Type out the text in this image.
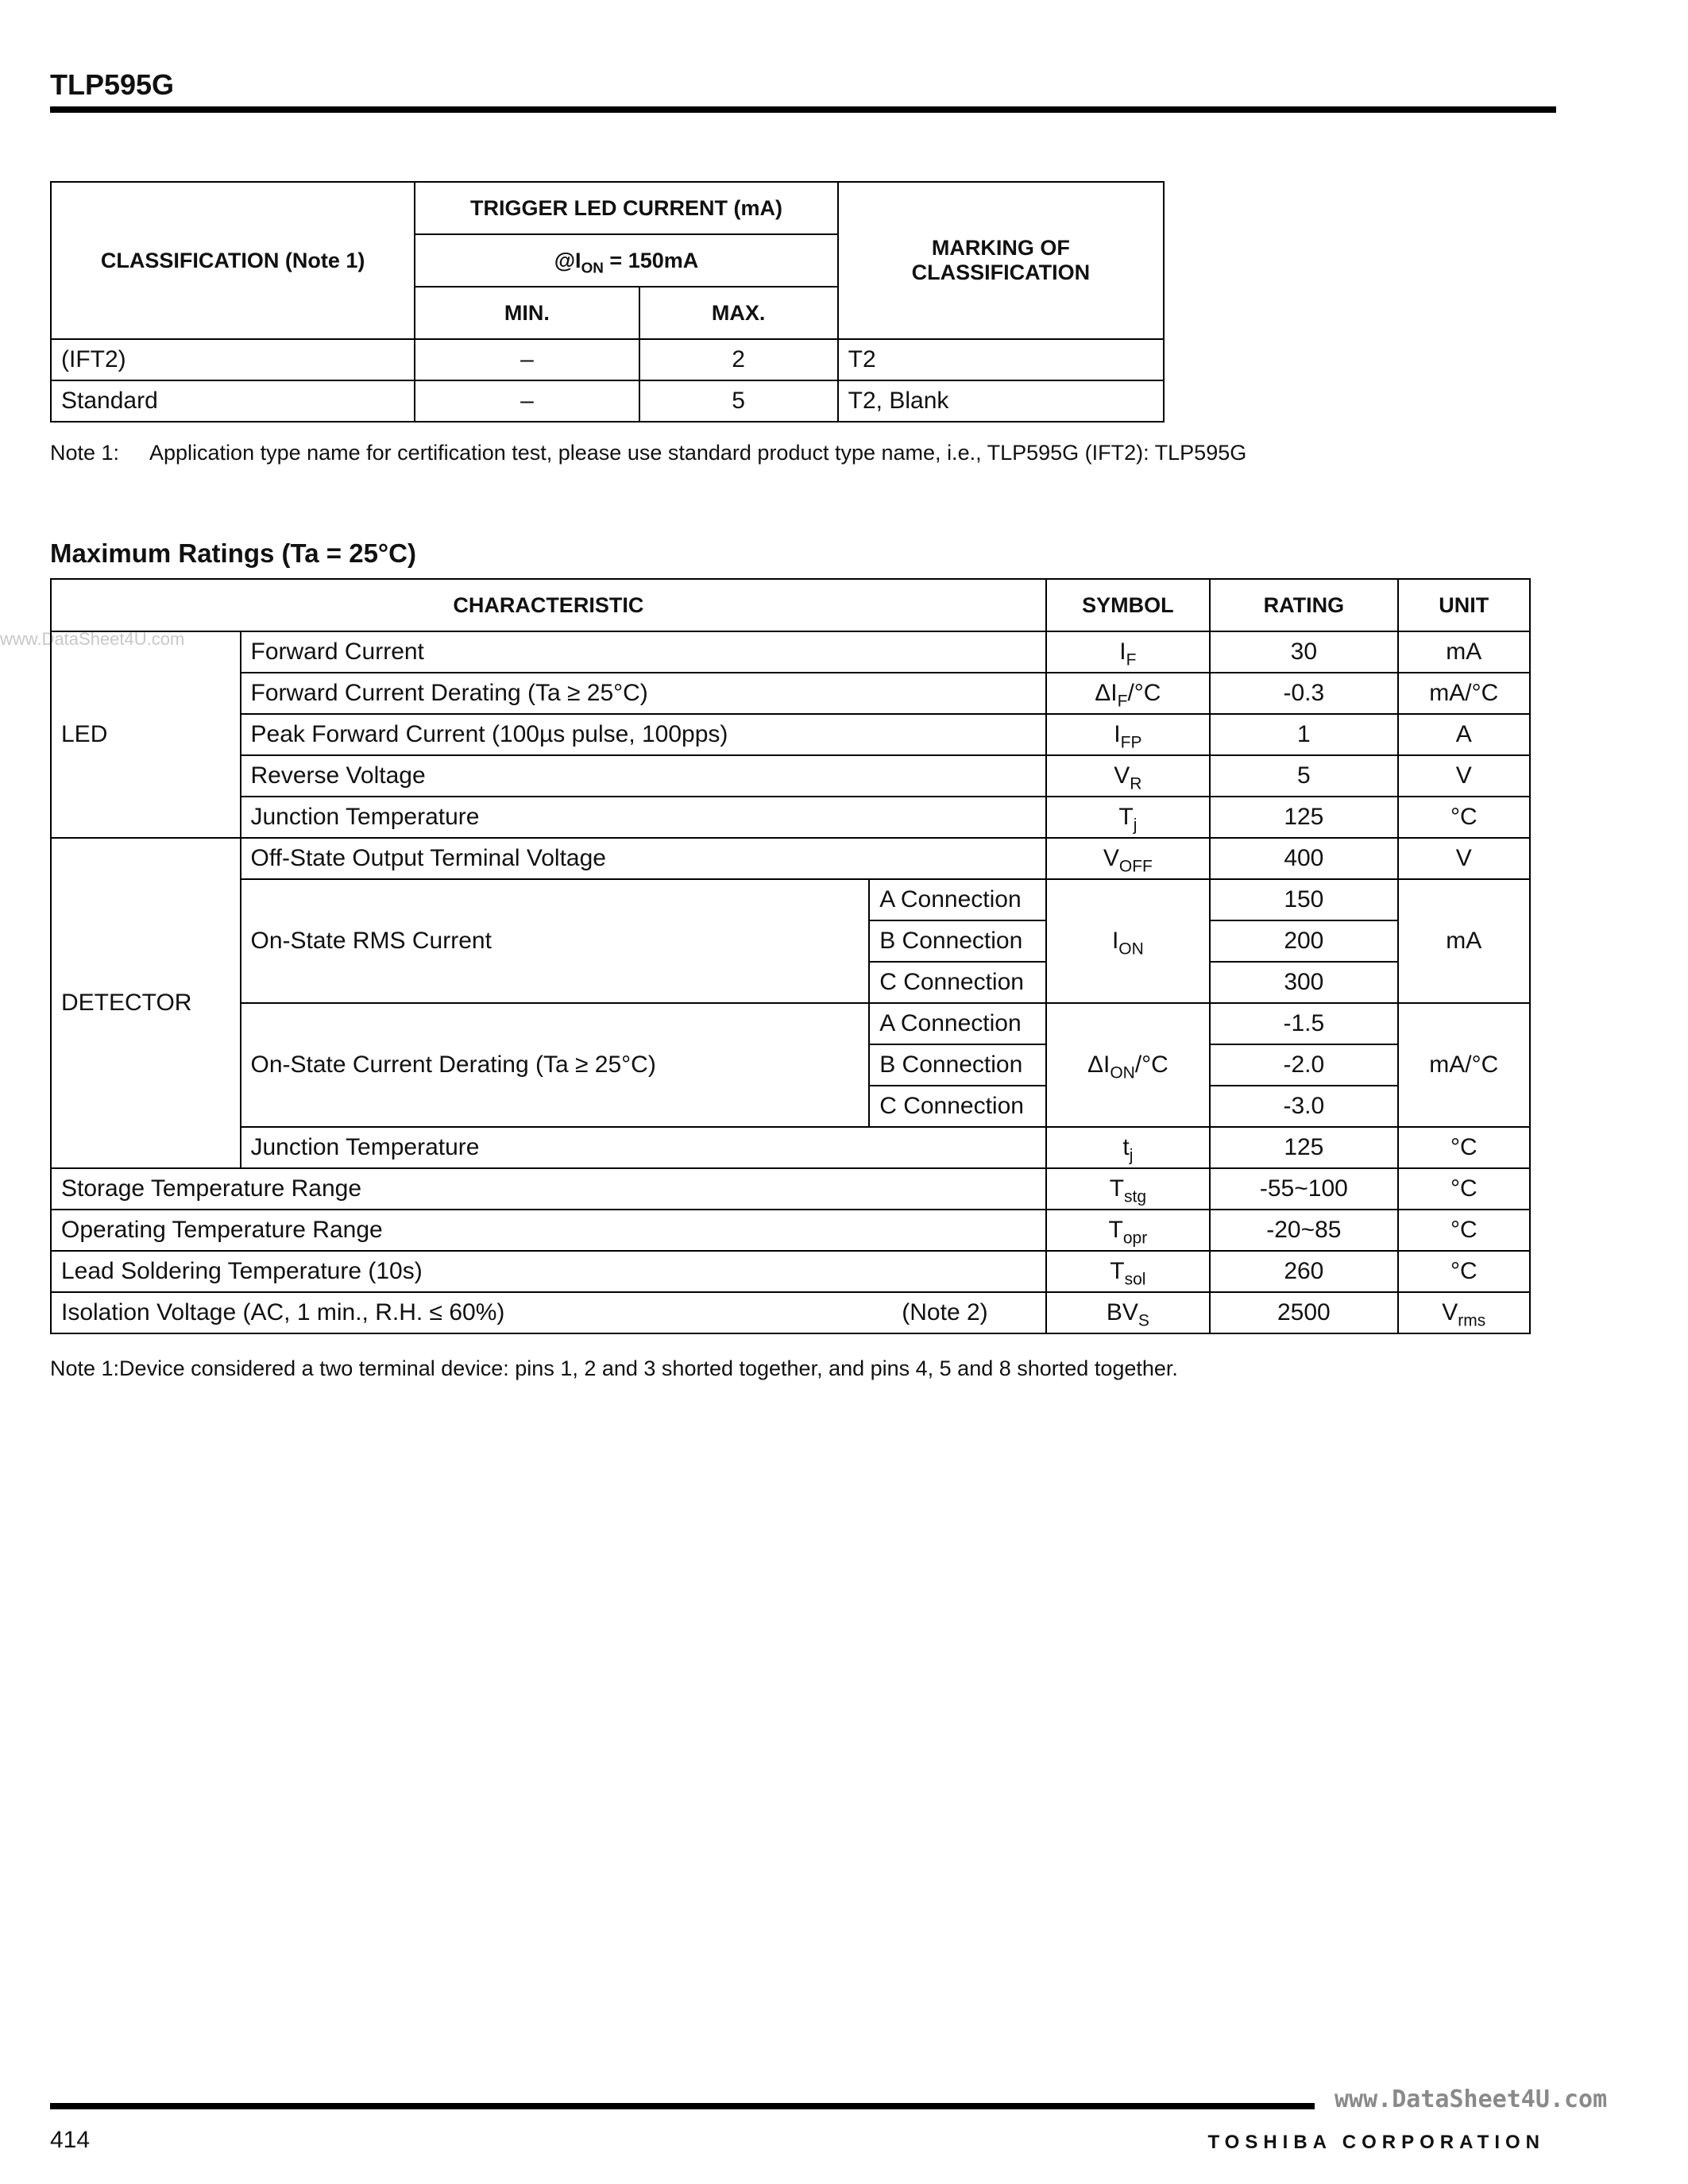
TLP595G
CLASSIFICATION (Note 1)	TRIGGER LED CURRENT (mA)		MARKING OF
CLASSIFICATION
	$@I_{ON} = 150mA$		
	MIN.	MAX.	
(IFT2)	–	2	T2
Standard	–	5	T2, Blank
Note 1: Application type name for certification test, please use standard product type name, i.e., TLP595G (IFT2): TLP595G
Maximum Ratings (Ta = 25°C)
www.DataSheet4U.com
CHARACTERISTIC			SYMBOL	RATING	UNIT
LED	Forward Current		$I_F$	30	mA
	Forward Current Derating (Ta ≥ 25°C)		$\Delta I_F/^\circ C$	-0.3	mA/°C
	Peak Forward Current (100µs pulse, 100pps)		$I_{FP}$	1	A
	Reverse Voltage		$V_R$	5	V
	Junction Temperature		$T_j$	125	°C
DETECTOR	Off-State Output Terminal Voltage		$V_{OFF}$	400	V
	On-State RMS Current	A Connection	$I_{ON}$	150	mA
		B Connection		200	
		C Connection		300	
	On-State Current Derating (Ta ≥ 25°C)	A Connection	$\Delta I_{ON}/^\circ C$	-1.5	mA/°C
		B Connection		-2.0	
		C Connection		-3.0	
	Junction Temperature		$t_j$	125	°C
Storage Temperature Range			$T_{stg}$	-55~100	°C
Operating Temperature Range			$T_{opr}$	-20~85	°C
Lead Soldering Temperature (10s)			$T_{sol}$	260	°C
Isolation Voltage (AC, 1 min., R.H. ≤ 60%) (Note 2)			$BV_S$	2500	$V_{rms}$
Note 1:Device considered a two terminal device: pins 1, 2 and 3 shorted together, and pins 4, 5 and 8 shorted together.
www.DataSheet4U.com
414	TOSHIBA CORPORATION
